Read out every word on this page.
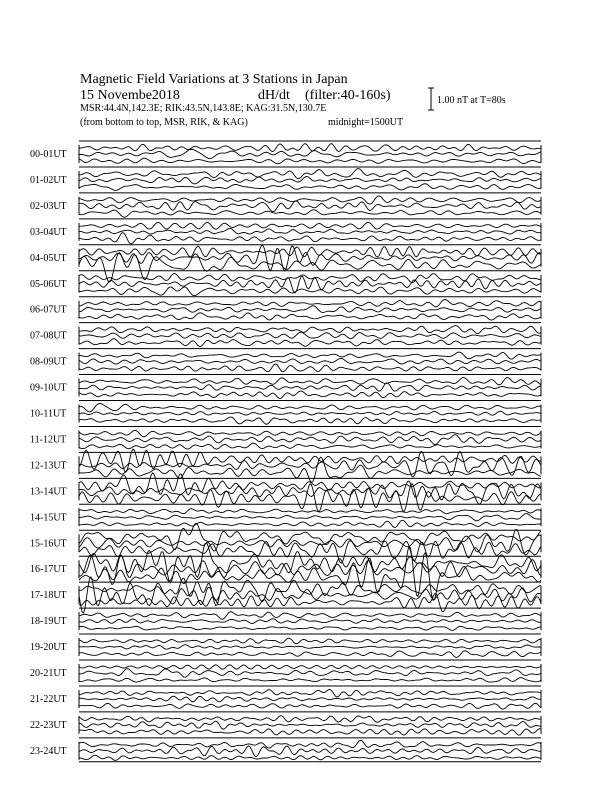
Magnetic Field Variations at 3 Stations in Japan
15 Novembe2018	dH/dt (filter:40-160s)
MSR:44.4N,142.3E; RIK:43.5N,143.8E; KAG:31.5N,130.7E
(from bottom to top, MSR, RIK, & KAG)	midnight=1500UT
1.00 nT at T=80s
00-01UT
01-02UT
02-03UT
03-04UT
04-05UT
05-06UT
06-07UT
07-08UT
08-09UT
09-10UT
10-11UT
11-12UT
12-13UT
13-14UT
14-15UT
15-16UT
16-17UT
17-18UT
18-19UT
19-20UT
20-21UT
21-22UT
22-23UT
23-24UT
